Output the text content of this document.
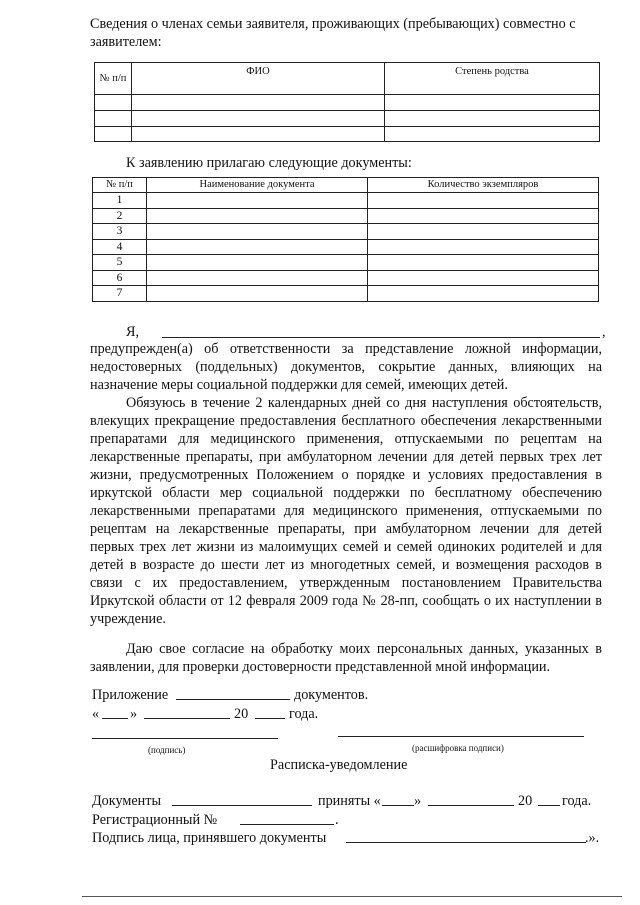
Сведения о членах семьи заявителя, проживающих (пребывающих) совместно с заявителем:
№ п/п	ФИО	Степень родства

К заявлению прилагаю следующие документы:
№ п/п	Наименование документа	Количество экземпляров
1		
2		
3		
4		
5		
6		
7		
Я,	,
предупрежден(а) об ответственности за представление ложной информации, недостоверных (поддельных) документов, сокрытие данных, влияющих на назначение меры социальной поддержки для семей, имеющих детей.
Обязуюсь в течение 2 календарных дней со дня наступления обстоятельств, влекущих прекращение предоставления бесплатного обеспечения лекарственными препаратами для медицинского применения, отпускаемыми по рецептам на лекарственные препараты, при амбулаторном лечении для детей первых трех лет жизни, предусмотренных Положением о порядке и условиях предоставления в иркутской области мер социальной поддержки по бесплатному обеспечению лекарственными препаратами для медицинского применения, отпускаемыми по рецептам на лекарственные препараты, при амбулаторном лечении для детей первых трех лет жизни из малоимущих семей и семей одиноких родителей и для детей в возрасте до шести лет из многодетных семей, и возмещения расходов в связи с их предоставлением, утвержденным постановлением Правительства Иркутской области от 12 февраля 2009 года № 28-пп, сообщать о их наступлении в учреждение.
Даю свое согласие на обработку моих персональных данных, указанных в заявлении, для проверки достоверности представленной мной информации.
Приложение	документов.
« »	20	года.
(подпись)	(расшифровка подписи)
Расписка-уведомление
Документы	приняты « »	20 года.
Регистрационный №	.
Подпись лица, принявшего документы	.».
